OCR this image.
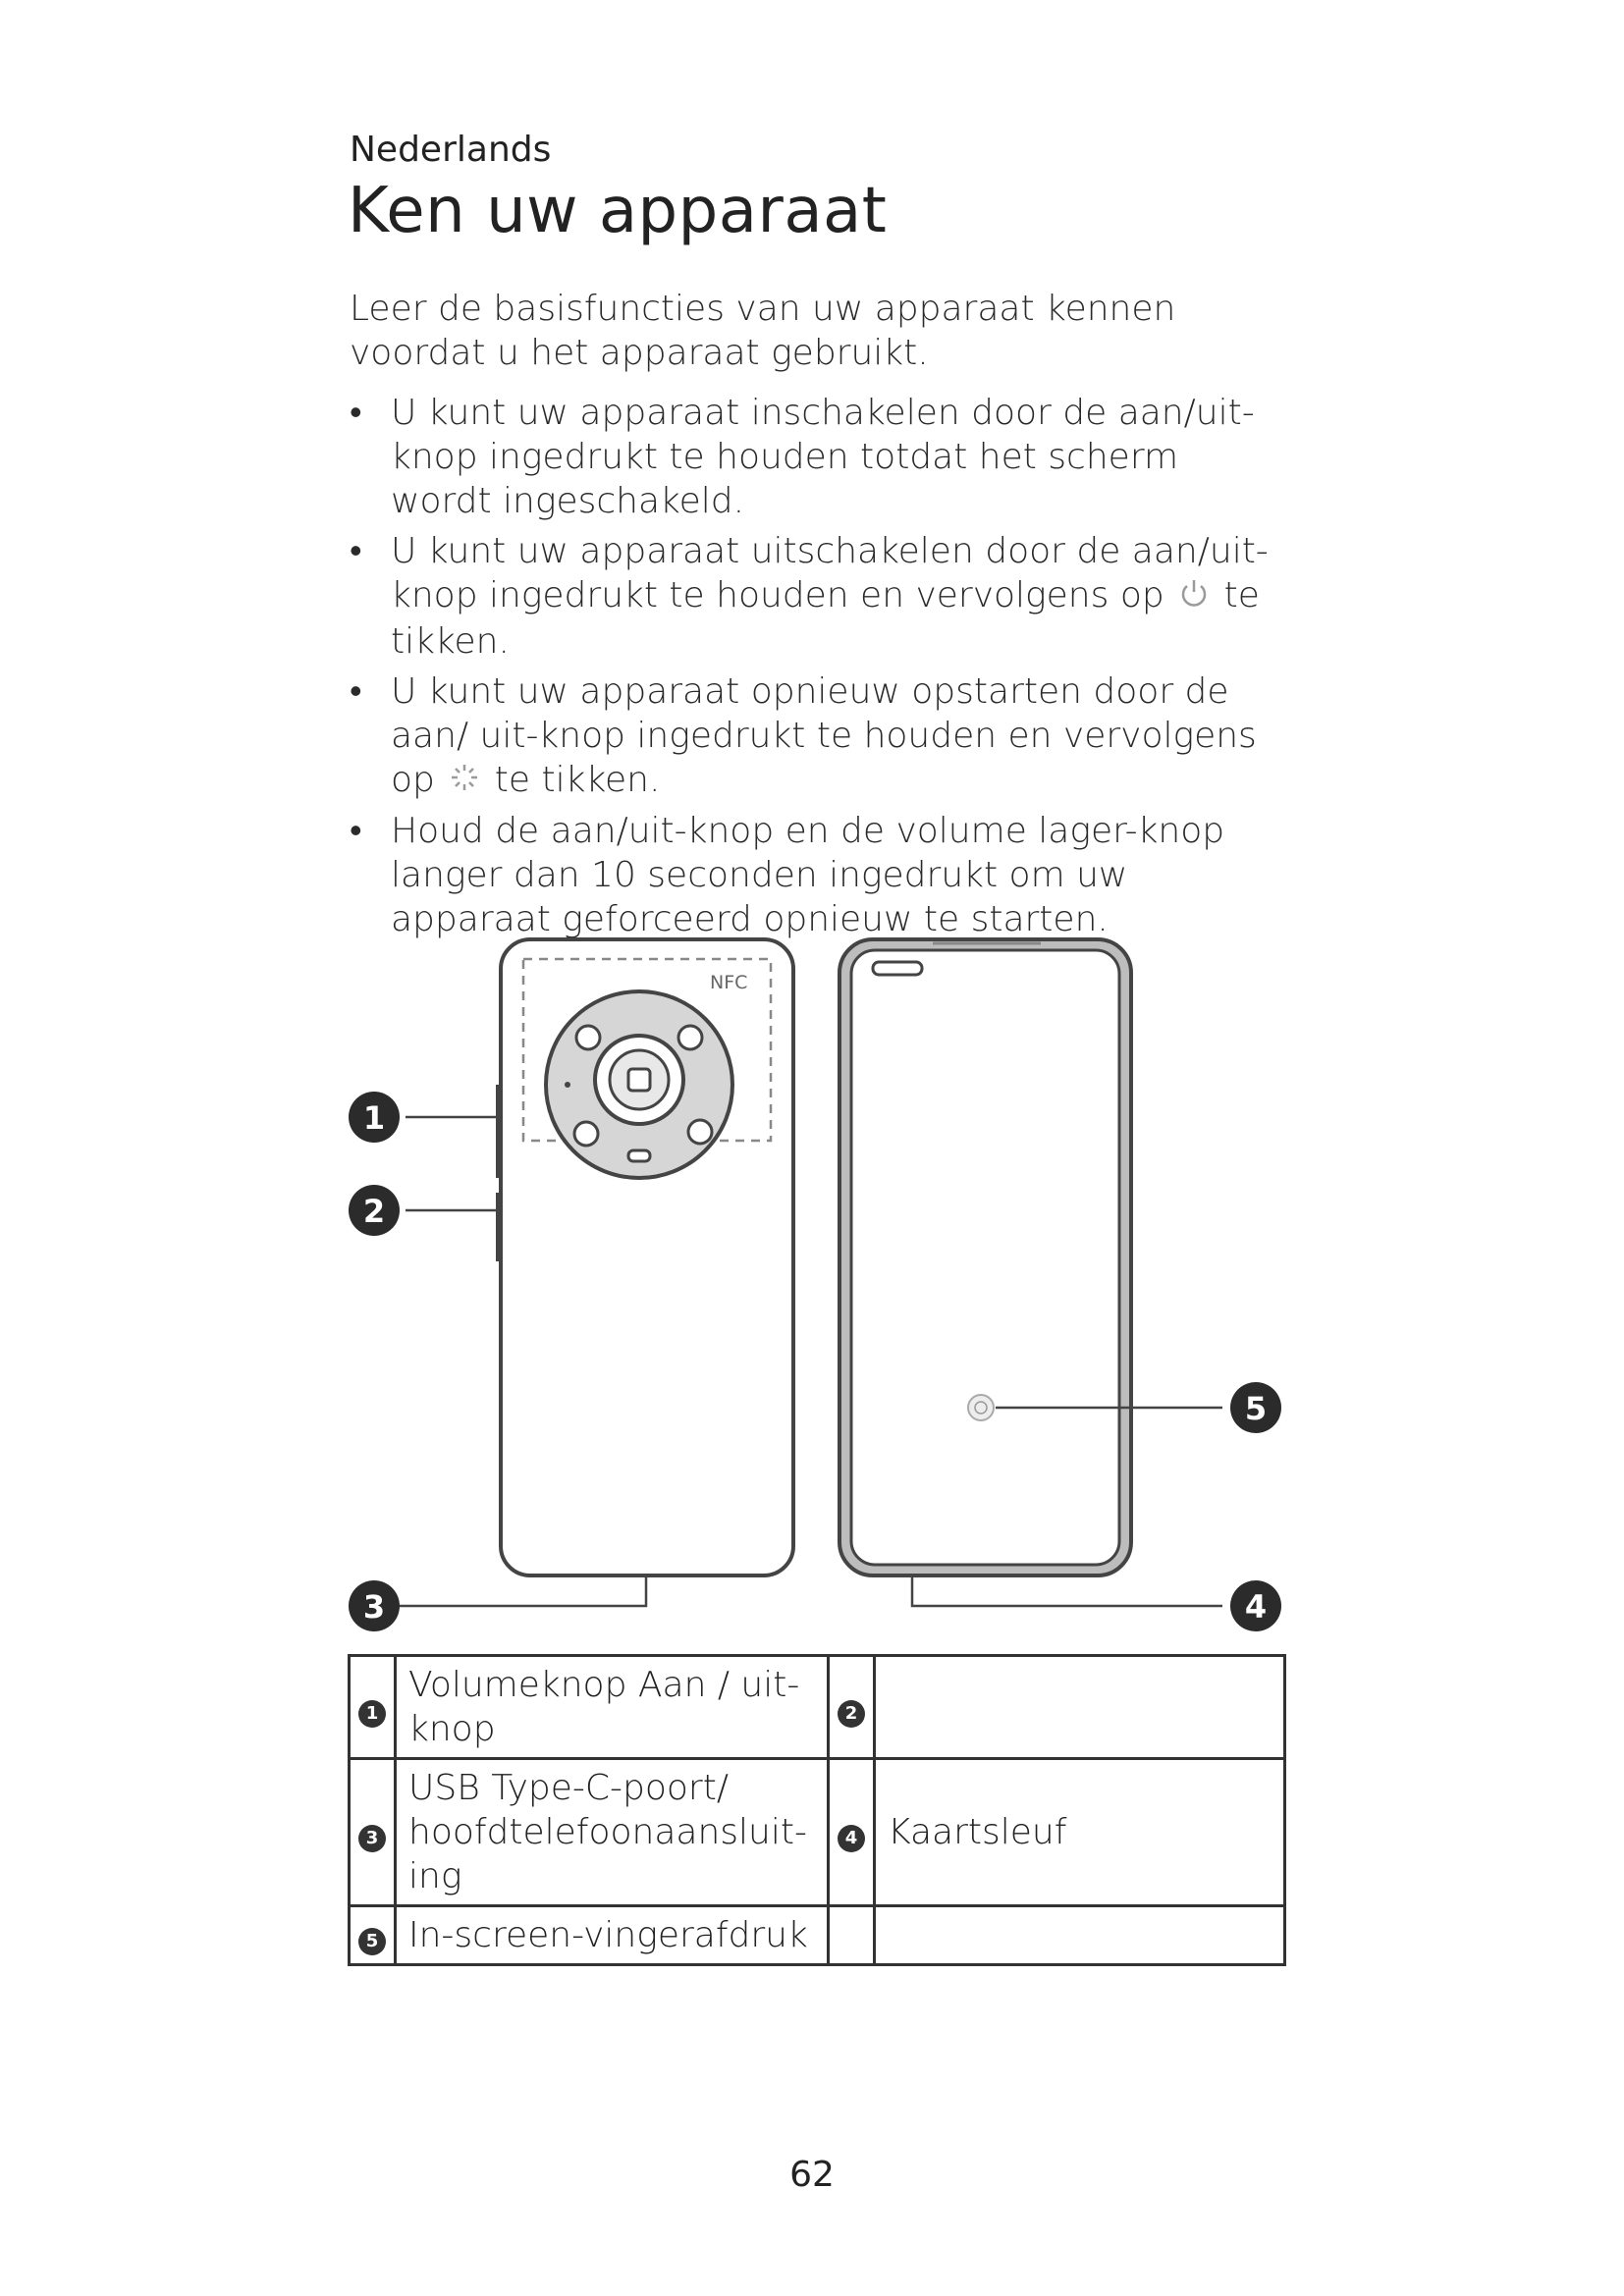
Nederlands
Ken uw apparaat
Leer de basisfuncties van uw apparaat kennen voordat u het apparaat gebruikt.
• U kunt uw apparaat inschakelen door de aan/uit-knop ingedrukt te houden totdat het scherm wordt ingeschakeld.
• U kunt uw apparaat uitschakelen door de aan/uit-knop ingedrukt te houden en vervolgens op te tikken.
• U kunt uw apparaat opnieuw opstarten door de aan/ uit-knop ingedrukt te houden en vervolgens op te tikken.
• Houd de aan/uit-knop en de volume lager-knop langer dan 10 seconden ingedrukt om uw apparaat geforceerd opnieuw te starten.
NFC
1
2
3	4
5
1	Volumeknop Aan / uit-knop	2	
3	USB Type-C-poort/ hoofdtelefoonaansluit- ing	4	Kaartsleuf
5	In-screen-vingerafdruk		
62
